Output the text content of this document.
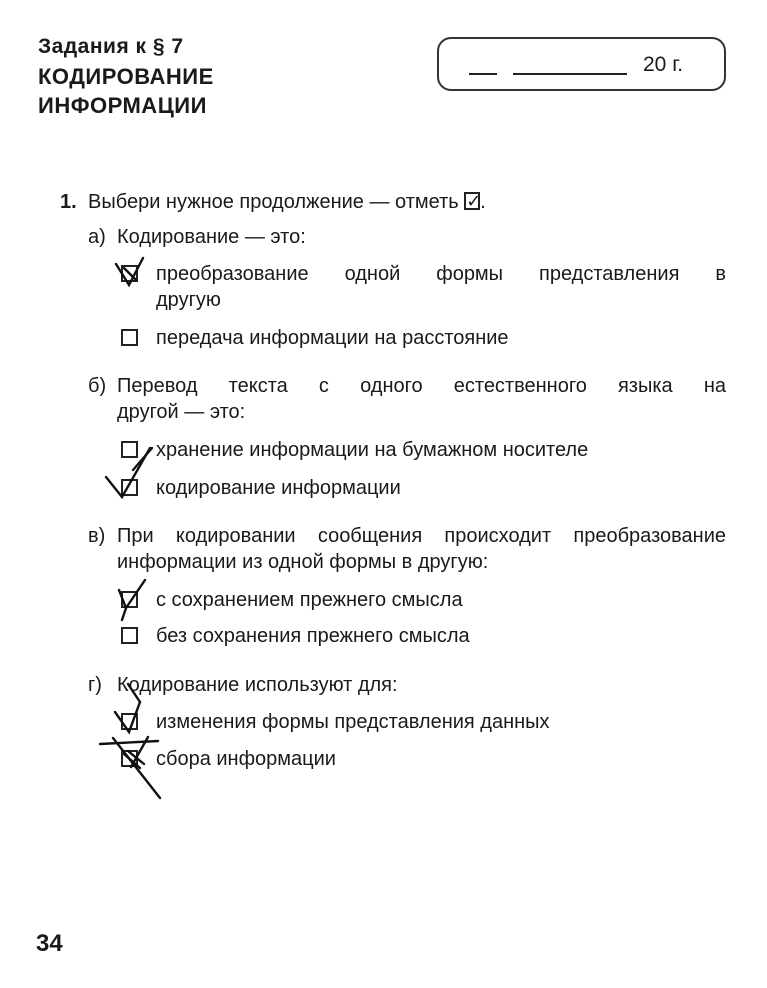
Задания к § 7
КОДИРОВАНИЕ
ИНФОРМАЦИИ
20 г.
1. Выбери нужное продолжение — отметь ✓ .
а) Кодирование — это:
преобразование одной формы представления в
другую
передача информации на расстояние
б) Перевод текста с одного естественного языка на
другой — это:
хранение информации на бумажном носителе
кодирование информации
в) При кодировании сообщения происходит преобразование
информации из одной формы в другую:
с сохранением прежнего смысла
без сохранения прежнего смысла
г) Кодирование используют для:
изменения формы представления данных
сбора информации
34
